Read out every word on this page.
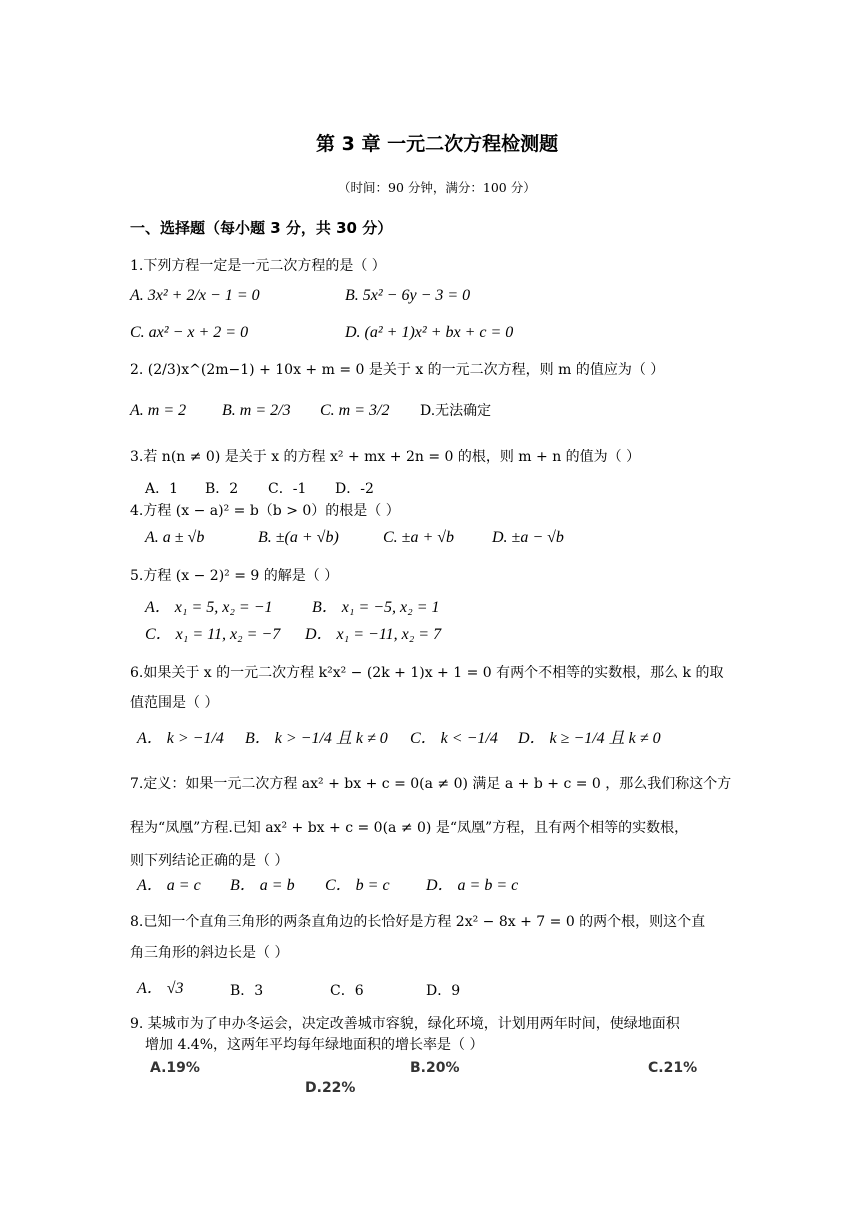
第 3 章 一元二次方程检测题
（时间：90 分钟，满分：100 分）
一、选择题（每小题 3 分，共 30 分）
1.下列方程一定是一元二次方程的是（ ）
A. 3x² + 2/x − 1 = 0	B. 5x² − 6y − 3 = 0
C. ax² − x + 2 = 0	D. (a² + 1)x² + bx + c = 0
2. (2/3)x^(2m−1) + 10x + m = 0 是关于 x 的一元二次方程，则 m 的值应为（ ）
A. m = 2 B. m = 2/3 C. m = 3/2 D.无法确定
3.若 n(n ≠ 0) 是关于 x 的方程 x² + mx + 2n = 0 的根，则 m + n 的值为（ ）
A．1 B．2 C．-1 D．-2
4.方程 (x − a)² = b（b > 0）的根是（ ）
A. a ± √b	B. ±(a + √b)	C. ±a + √b D. ±a − √b
5.方程 (x − 2)² = 9 的解是（ ）
A． x₁ = 5, x₂ = −1 B． x₁ = −5, x₂ = 1
C． x₁ = 11, x₂ = −7 D． x₁ = −11, x₂ = 7
6.如果关于 x 的一元二次方程 k²x² − (2k + 1)x + 1 = 0 有两个不相等的实数根，那么 k 的取
值范围是（ ）
A． k > −1/4 B． k > −1/4 且 k ≠ 0 C． k < −1/4 D． k ≥ −1/4 且 k ≠ 0
7.定义：如果一元二次方程 ax² + bx + c = 0(a ≠ 0) 满足 a + b + c = 0 ，那么我们称这个方
程为“凤凰”方程.已知 ax² + bx + c = 0(a ≠ 0) 是“凤凰”方程，且有两个相等的实数根，
则下列结论正确的是（ ）
A． a = c B． a = b C． b = c D． a = b = c
8.已知一个直角三角形的两条直角边的长恰好是方程 2x² − 8x + 7 = 0 的两个根，则这个直
角三角形的斜边长是（ ）
A． √3	B．3	C．6	D．9
9. 某城市为了申办冬运会，决定改善城市容貌，绿化环境，计划用两年时间，使绿地面积
增加 4.4%，这两年平均每年绿地面积的增长率是（ ）
A.19%	B.20%	C.21%
D.22%
